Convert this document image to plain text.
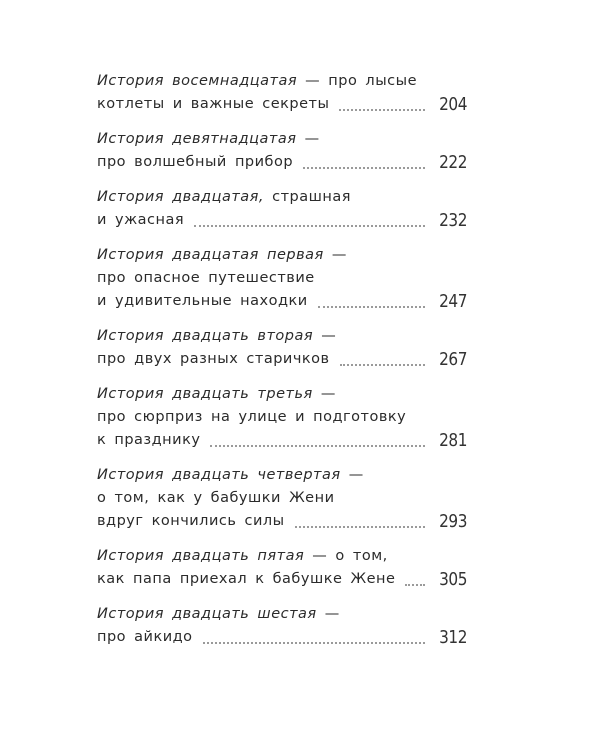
История восемнадцатая — про лысые
котлеты и важные секреты	204
История девятнадцатая —
про волшебный прибор	222
История двадцатая, страшная
и ужасная	232
История двадцатая первая —
про опасное путешествие
и удивительные находки	247
История двадцать вторая —
про двух разных старичков	267
История двадцать третья —
про сюрприз на улице и подготовку
к празднику	281
История двадцать четвертая —
о том, как у бабушки Жени
вдруг кончились силы	293
История двадцать пятая — о том,
как папа приехал к бабушке Жене 305
История двадцать шестая —
про айкидо	312
